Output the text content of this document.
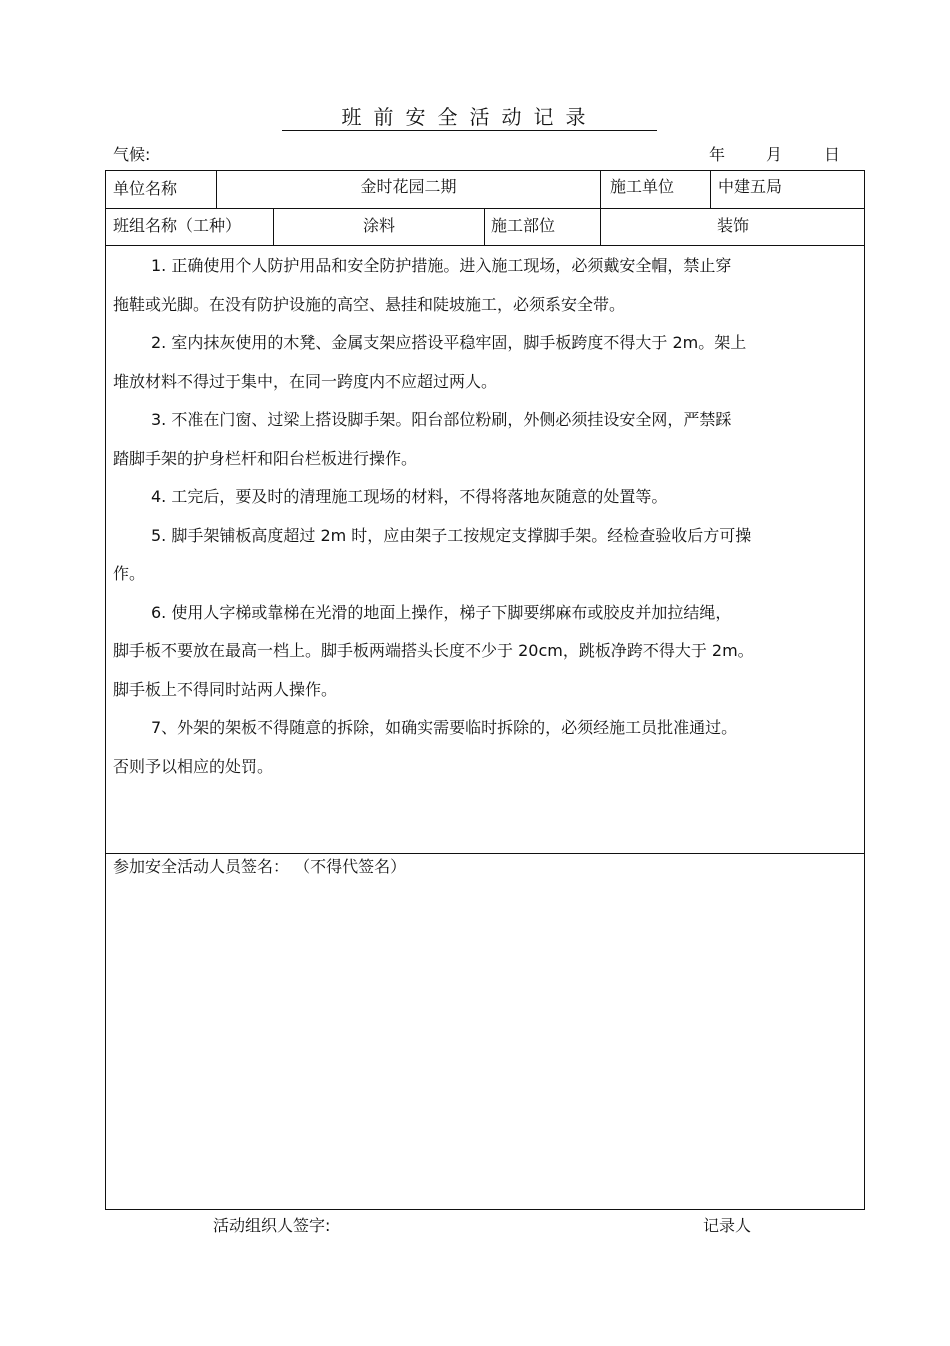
班前安全活动记录
气候:	年	月	日
单位名称	金时花园二期	施工单位	中建五局
班组名称（工种）	涂料	施工部位	装饰

1. 正确使用个人防护用品和安全防护措施。进入施工现场，必须戴安全帽，禁止穿

拖鞋或光脚。在没有防护设施的高空、悬挂和陡坡施工，必须系安全带。

2. 室内抹灰使用的木凳、金属支架应搭设平稳牢固，脚手板跨度不得大于 2m。架上

堆放材料不得过于集中，在同一跨度内不应超过两人。

3. 不准在门窗、过梁上搭设脚手架。阳台部位粉刷，外侧必须挂设安全网，严禁踩

踏脚手架的护身栏杆和阳台栏板进行操作。

4. 工完后，要及时的清理施工现场的材料，不得将落地灰随意的处置等。

5. 脚手架铺板高度超过 2m 时，应由架子工按规定支撑脚手架。经检查验收后方可操

作。

6. 使用人字梯或靠梯在光滑的地面上操作，梯子下脚要绑麻布或胶皮并加拉结绳，

脚手板不要放在最高一档上。脚手板两端搭头长度不少于 20cm，跳板净跨不得大于 2m。

脚手板上不得同时站两人操作。

7、外架的架板不得随意的拆除，如确实需要临时拆除的，必须经施工员批准通过。

否则予以相应的处罚。

参加安全活动人员签名： （不得代签名）
活动组织人签字:	记录人
